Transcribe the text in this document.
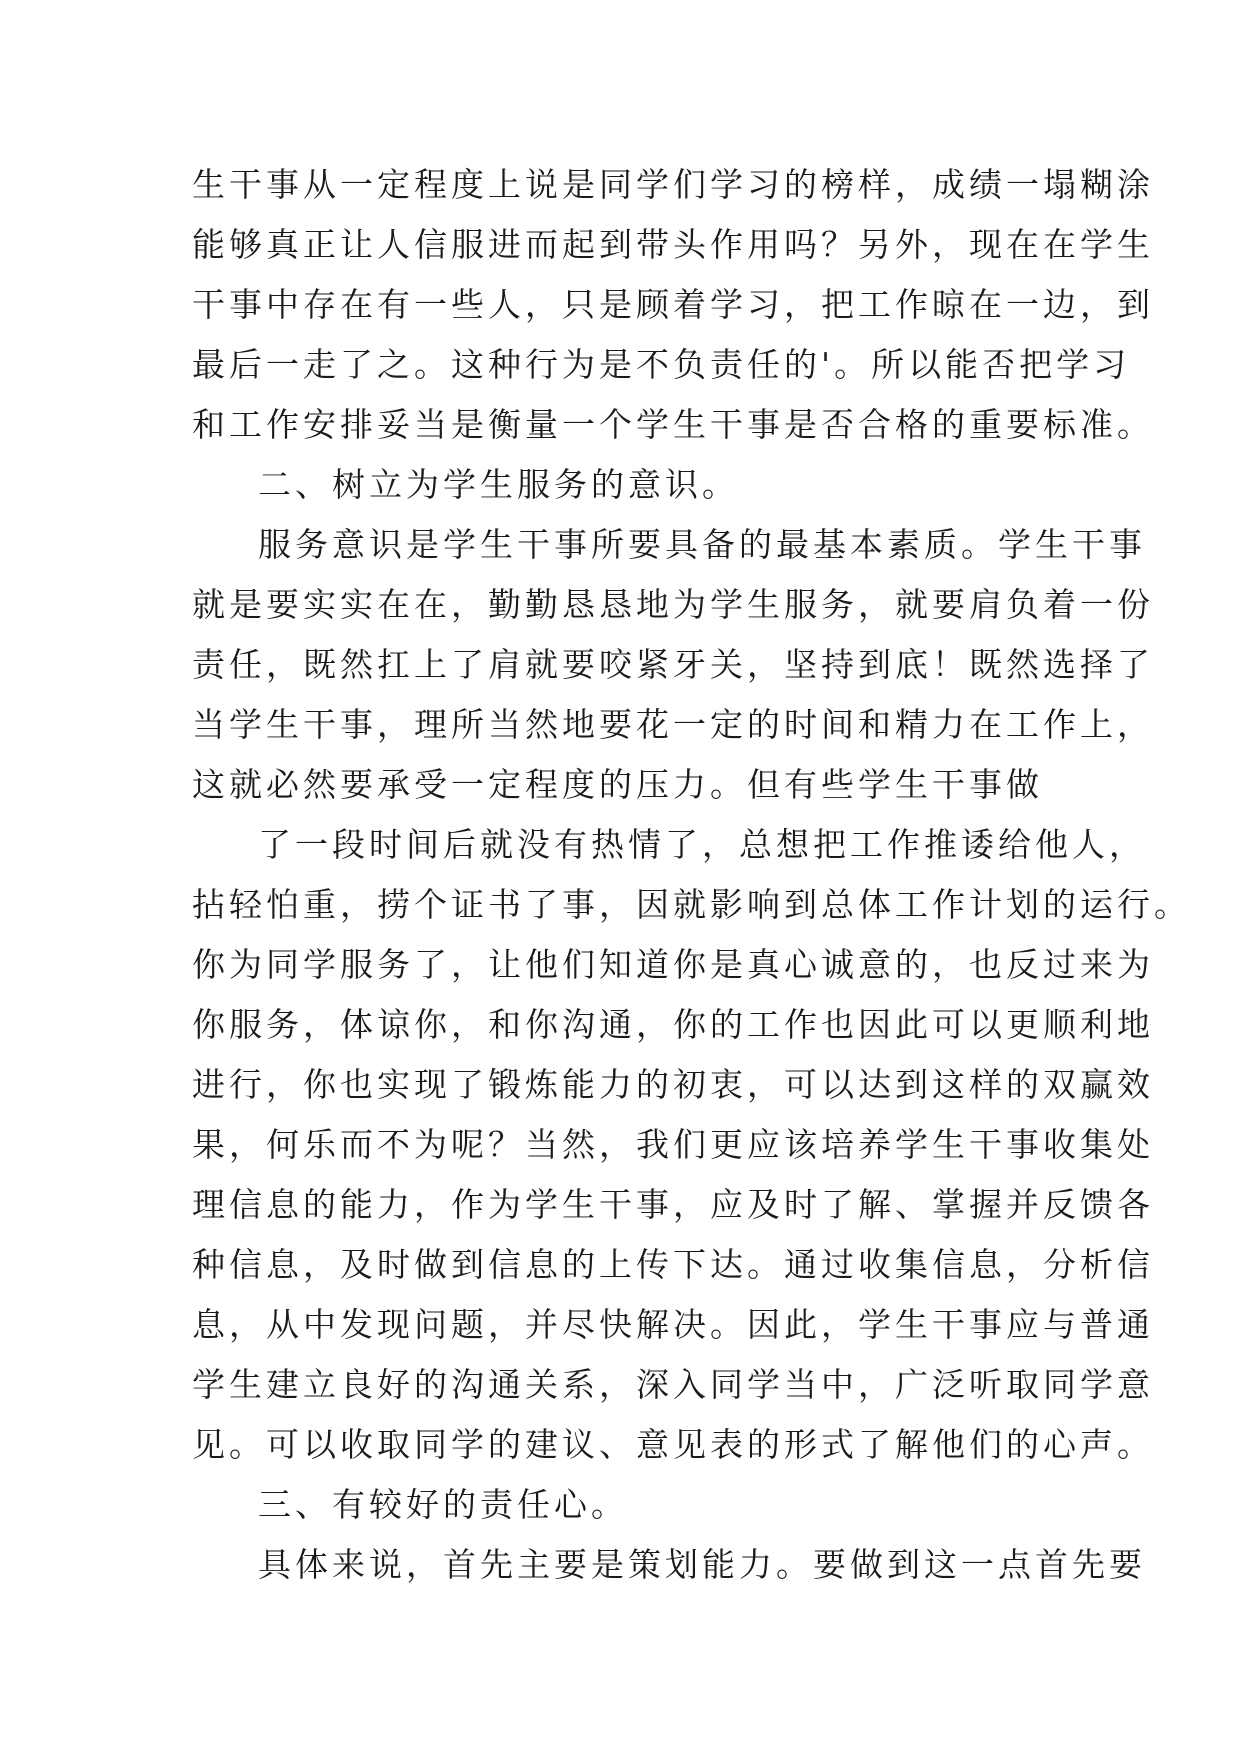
生干事从一定程度上说是同学们学习的榜样，成绩一塌糊涂
能够真正让人信服进而起到带头作用吗？另外，现在在学生
干事中存在有一些人，只是顾着学习，把工作晾在一边，到
最后一走了之。这种行为是不负责任的'。所以能否把学习
和工作安排妥当是衡量一个学生干事是否合格的重要标准。
二、树立为学生服务的意识。
服务意识是学生干事所要具备的最基本素质。学生干事
就是要实实在在，勤勤恳恳地为学生服务，就要肩负着一份
责任，既然扛上了肩就要咬紧牙关，坚持到底！既然选择了
当学生干事，理所当然地要花一定的时间和精力在工作上，
这就必然要承受一定程度的压力。但有些学生干事做
了一段时间后就没有热情了，总想把工作推诿给他人，
拈轻怕重，捞个证书了事，因就影响到总体工作计划的运行。
你为同学服务了，让他们知道你是真心诚意的，也反过来为
你服务，体谅你，和你沟通，你的工作也因此可以更顺利地
进行，你也实现了锻炼能力的初衷，可以达到这样的双赢效
果，何乐而不为呢？当然，我们更应该培养学生干事收集处
理信息的能力，作为学生干事，应及时了解、掌握并反馈各
种信息，及时做到信息的上传下达。通过收集信息，分析信
息，从中发现问题，并尽快解决。因此，学生干事应与普通
学生建立良好的沟通关系，深入同学当中，广泛听取同学意
见。可以收取同学的建议、意见表的形式了解他们的心声。
三、有较好的责任心。
具体来说，首先主要是策划能力。要做到这一点首先要
